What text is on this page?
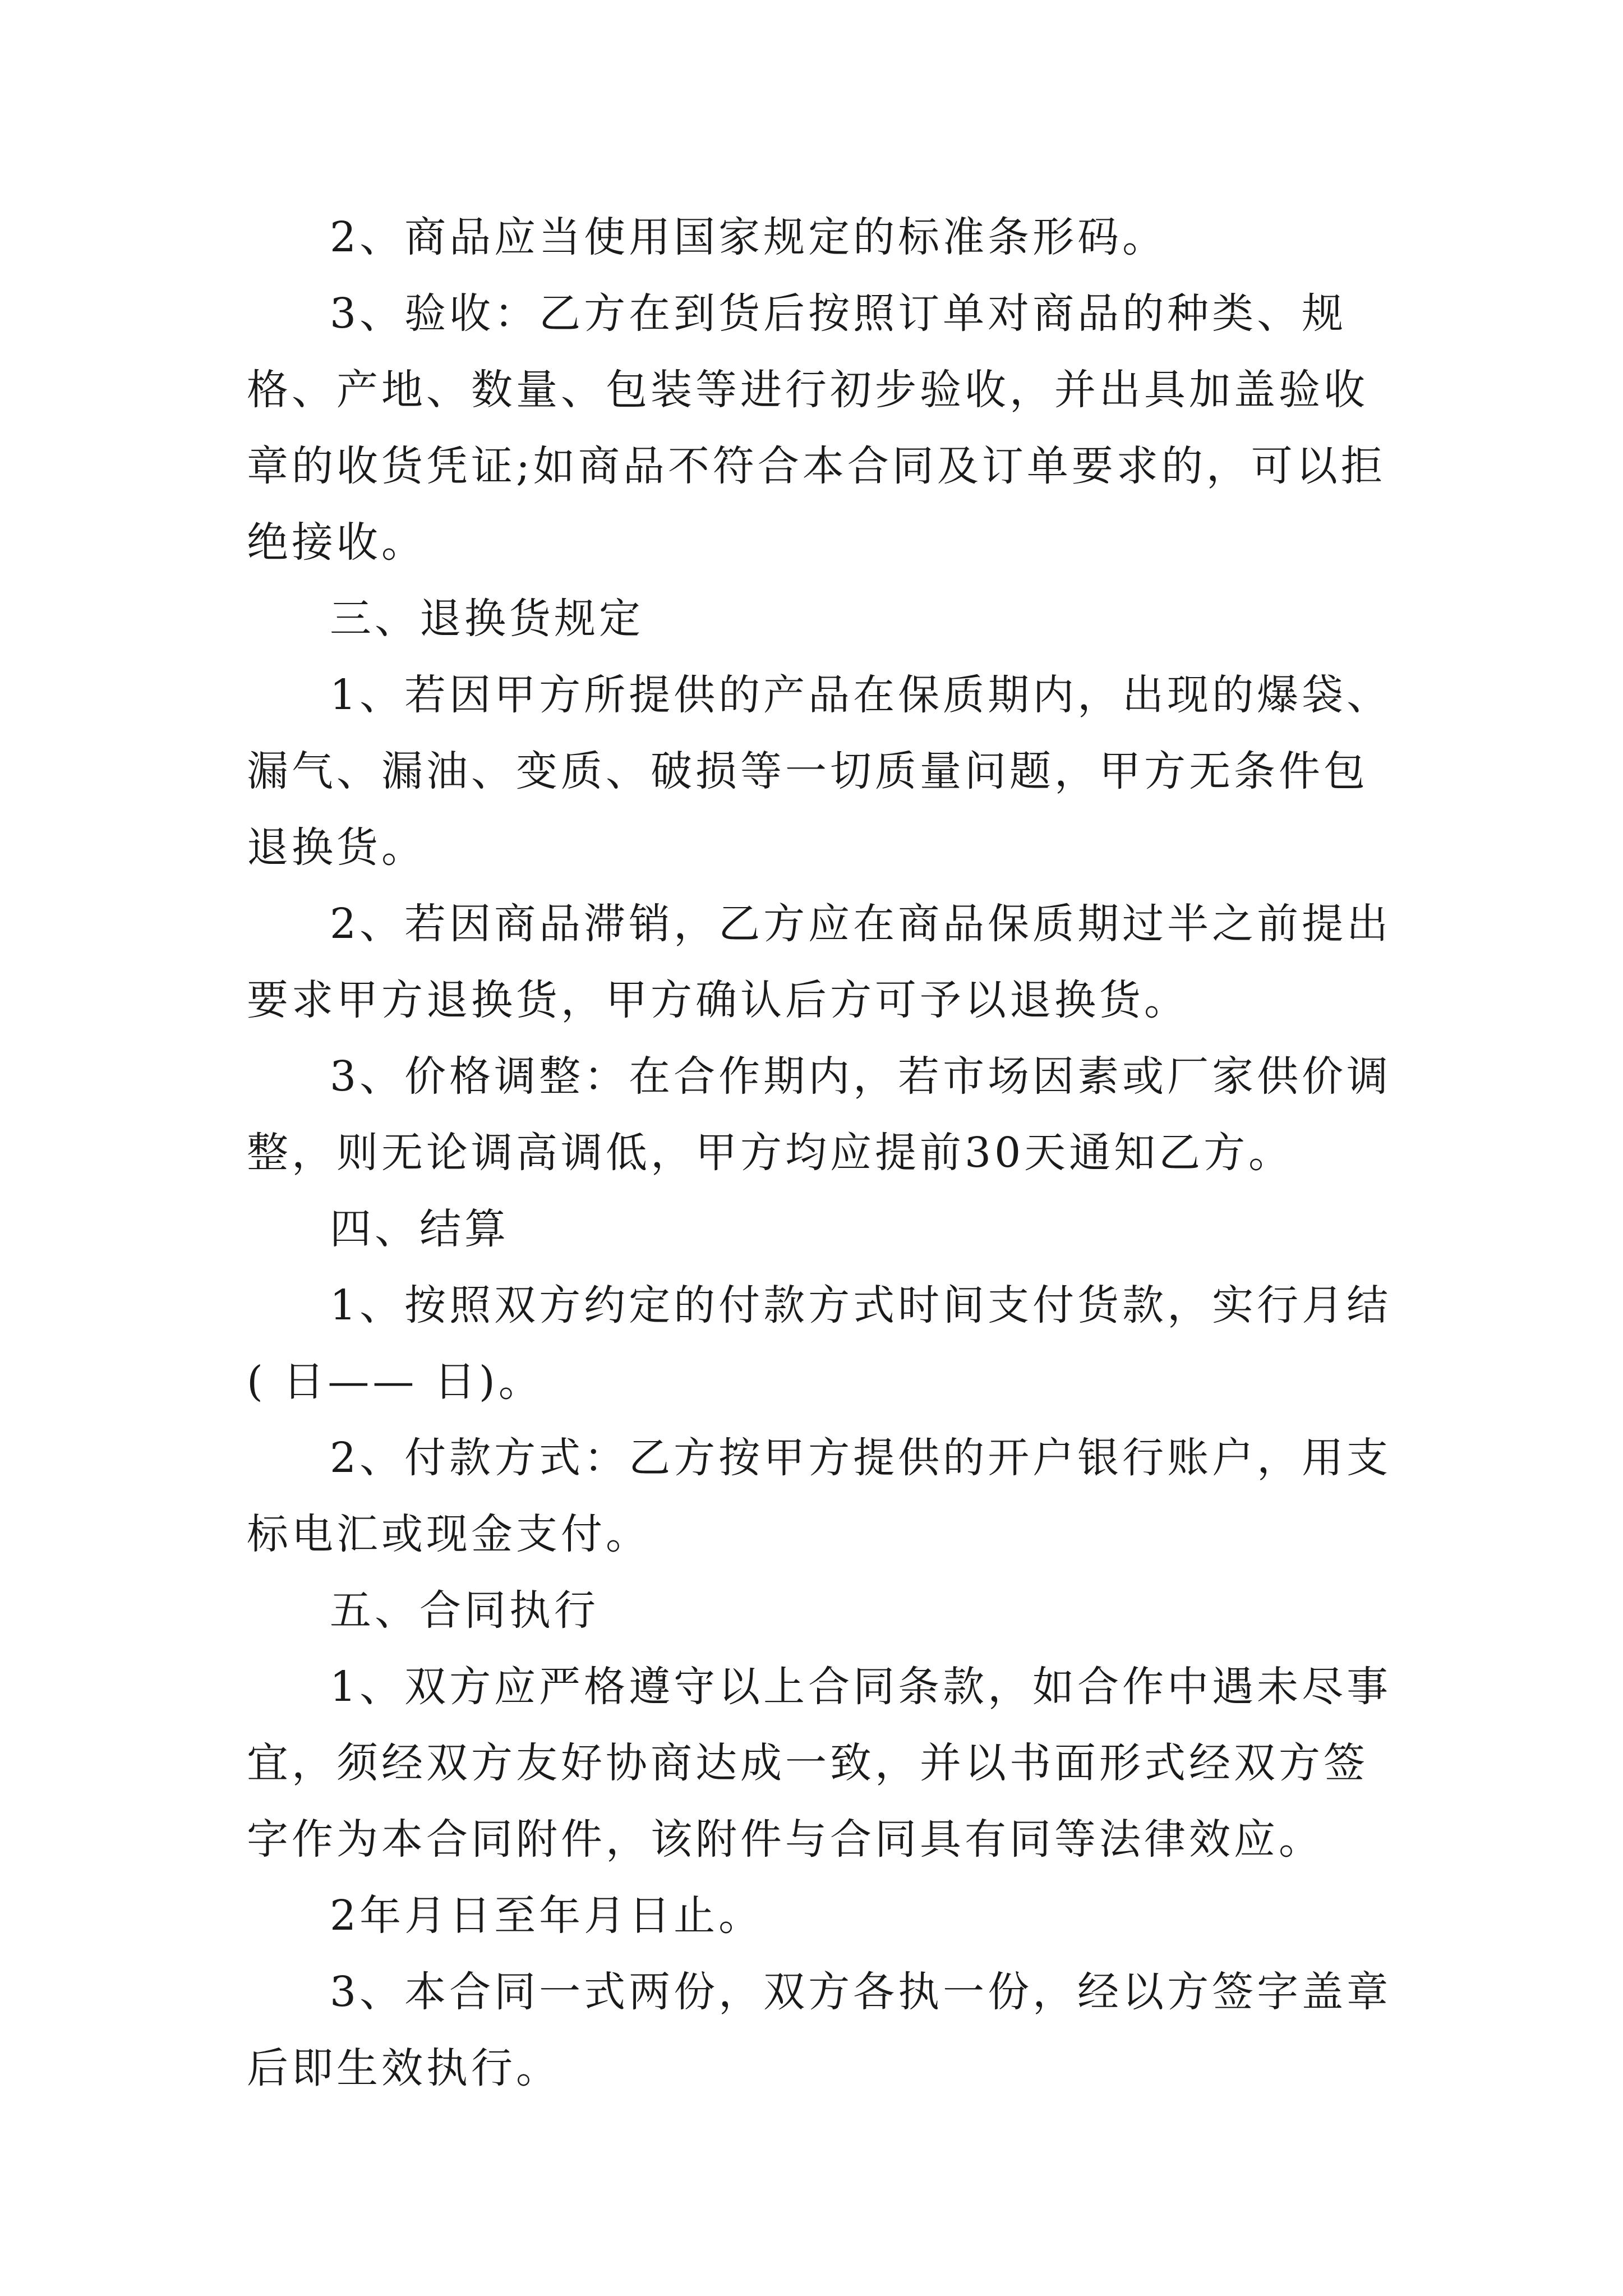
2、商品应当使用国家规定的标准条形码。

3、验收：乙方在到货后按照订单对商品的种类、规格、产地、数量、包装等进行初步验收，并出具加盖验收章的收货凭证;如商品不符合本合同及订单要求的，可以拒绝接收。

三、退换货规定

1、若因甲方所提供的产品在保质期内，出现的爆袋、漏气、漏油、变质、破损等一切质量问题，甲方无条件包退换货。

2、若因商品滞销，乙方应在商品保质期过半之前提出要求甲方退换货，甲方确认后方可予以退换货。

3、价格调整：在合作期内，若市场因素或厂家供价调整，则无论调高调低，甲方均应提前30天通知乙方。

四、结算

1、按照双方约定的付款方式时间支付货款，实行月结( 日—— 日)。

2、付款方式：乙方按甲方提供的开户银行账户，用支标电汇或现金支付。

五、合同执行

1、双方应严格遵守以上合同条款，如合作中遇未尽事宜，须经双方友好协商达成一致，并以书面形式经双方签字作为本合同附件，该附件与合同具有同等法律效应。

2年月日至年月日止。

3、本合同一式两份，双方各执一份，经以方签字盖章后即生效执行。
